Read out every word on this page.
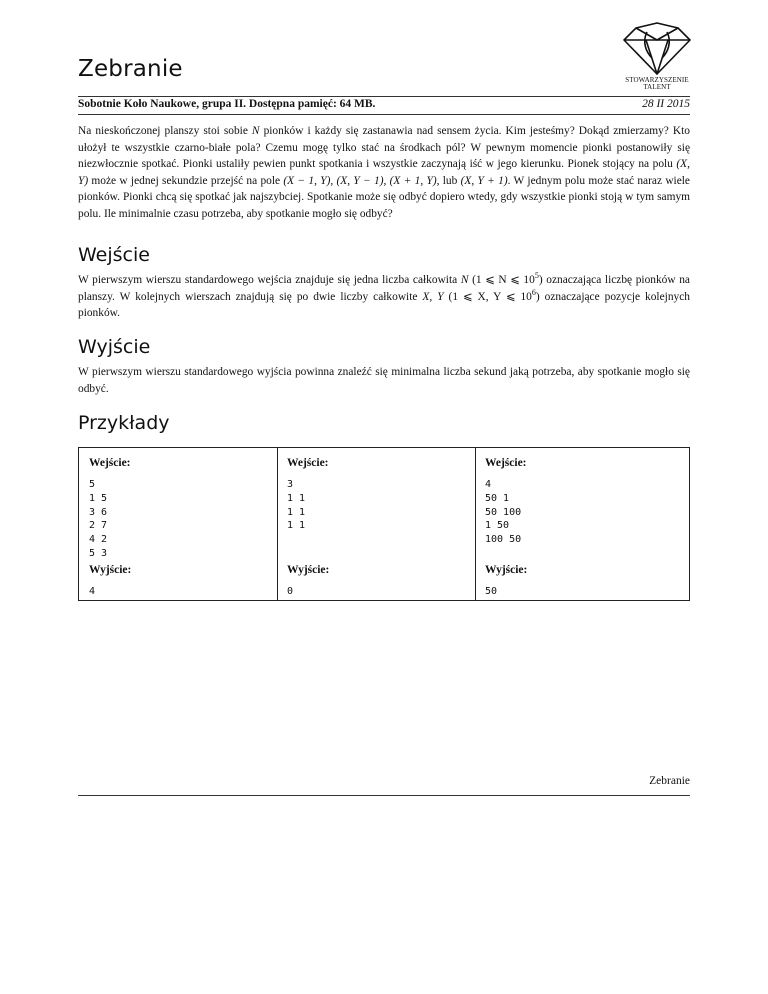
Zebranie	STOWARZYSZENIE
TALENT
Sobotnie Koło Naukowe, grupa II. Dostępna pamięć: 64 MB.	28 II 2015
Na nieskończonej planszy stoi sobie N pionków i każdy się zastanawia nad sensem życia. Kim jesteśmy? Dokąd zmierzamy? Kto ułożył te wszystkie czarno-białe pola? Czemu mogę tylko stać na środkach pól? W pewnym momencie pionki postanowiły się niezwłocznie spotkać. Pionki ustaliły pewien punkt spotkania i wszystkie zaczynają iść w jego kierunku. Pionek stojący na polu (X, Y) może w jednej sekundzie przejść na pole (X − 1, Y), (X, Y − 1), (X + 1, Y), lub (X, Y + 1). W jednym polu może stać naraz wiele pionków. Pionki chcą się spotkać jak najszybciej. Spotkanie może się odbyć dopiero wtedy, gdy wszystkie pionki stoją w tym samym polu. Ile minimalnie czasu potrzeba, aby spotkanie mogło się odbyć?
Wejście
W pierwszym wierszu standardowego wejścia znajduje się jedna liczba całkowita N (1 ⩽ N ⩽ $10^5$) oznaczająca liczbę pionków na planszy. W kolejnych wierszach znajdują się po dwie liczby całkowite X, Y (1 ⩽ X, Y ⩽ $10^6$) oznaczające pozycje kolejnych pionków.
Wyjście
W pierwszym wierszu standardowego wyjścia powinna znaleźć się minimalna liczba sekund jaką potrzeba, aby spotkanie mogło się odbyć.
Przykłady
Wejście:
5
1 5
3 6
2 7
4 2
5 3
Wyjście:
4
Wejście:
3
1 1
1 1
1 1
Wyjście:
0
Wejście:
4
50 1
50 100
1 50
100 50
Wyjście:
50
Zebranie
